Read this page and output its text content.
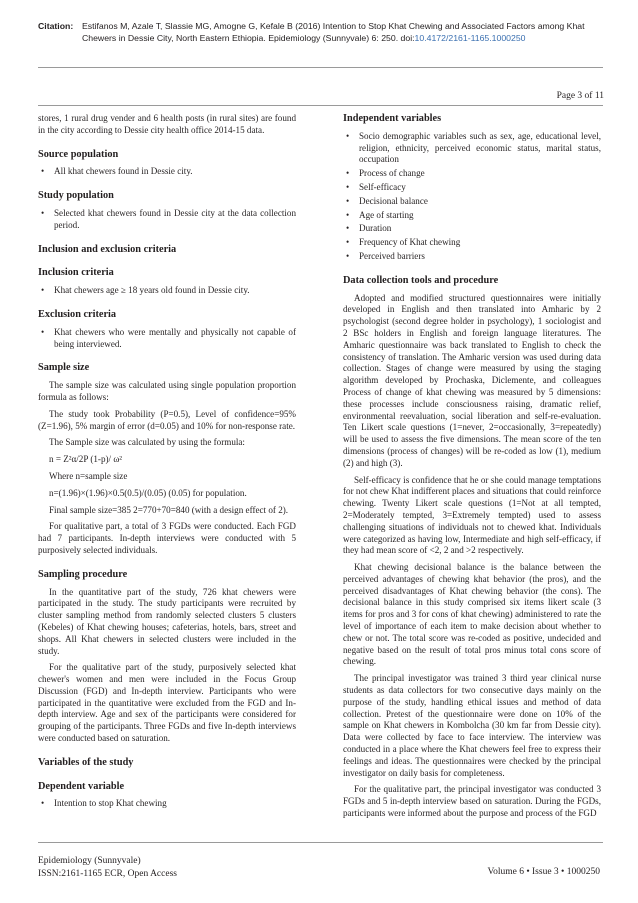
Citation: Estifanos M, Azale T, Slassie MG, Amogne G, Kefale B (2016) Intention to Stop Khat Chewing and Associated Factors among Khat Chewers in Dessie City, North Eastern Ethiopia. Epidemiology (Sunnyvale) 6: 250. doi:10.4172/2161-1165.1000250
Page 3 of 11

stores, 1 rural drug vender and 6 health posts (in rural sites) are found in the city according to Dessie city health office 2014-15 data.

Source population
• All khat chewers found in Dessie city.
Study population
• Selected khat chewers found in Dessie city at the data collection period.
Inclusion and exclusion criteria
Inclusion criteria
• Khat chewers age ≥ 18 years old found in Dessie city.
Exclusion criteria
• Khat chewers who were mentally and physically not capable of being interviewed.
Sample size

The sample size was calculated using single population proportion formula as follows:

The study took Probability (P=0.5), Level of confidence=95% (Z=1.96), 5% margin of error (d=0.05) and 10% for non-response rate.

The Sample size was calculated by using the formula:

n = Z²α/2P (1-p)/ ω²

Where n=sample size

n=(1.96)×(1.96)×0.5(0.5)/(0.05) (0.05) for population.

Final sample size=385 2=770+70=840 (with a design effect of 2).

For qualitative part, a total of 3 FGDs were conducted. Each FGD had 7 participants. In-depth interviews were conducted with 5 purposively selected individuals.

Sampling procedure

In the quantitative part of the study, 726 khat chewers were participated in the study. The study participants were recruited by cluster sampling method from randomly selected clusters 5 clusters (Kebeles) of Khat chewing houses; cafeterias, hotels, bars, street and shops. All Khat chewers in selected clusters were included in the study.

For the qualitative part of the study, purposively selected khat chewer's women and men were included in the Focus Group Discussion (FGD) and In-depth interview. Participants who were participated in the quantitative were excluded from the FGD and In-depth interview. Age and sex of the participants were considered for grouping of the participants. Three FGDs and five In-depth interviews were conducted based on saturation.

Variables of the study
Dependent variable
• Intention to stop Khat chewing
Independent variables
• Socio demographic variables such as sex, age, educational level, religion, ethnicity, perceived economic status, marital status, occupation
• Process of change
• Self-efficacy
• Decisional balance
• Age of starting
• Duration
• Frequency of Khat chewing
• Perceived barriers
Data collection tools and procedure

Adopted and modified structured questionnaires were initially developed in English and then translated into Amharic by 2 psychologist (second degree holder in psychology), 1 sociologist and 2 BSc holders in English and foreign language literatures. The Amharic questionnaire was back translated to English to check the consistency of translation. The Amharic version was used during data collection. Stages of change were measured by using the staging algorithm developed by Prochaska, Diclemente, and colleagues Process of change of khat chewing was measured by 5 dimensions: these processes include consciousness raising, dramatic relief, environmental reevaluation, social liberation and self-re-evaluation. Ten Likert scale questions (1=never, 2=occasionally, 3=repeatedly) will be used to assess the five dimensions. The mean score of the ten dimensions (process of changes) will be re-coded as low (1), medium (2) and high (3).

Self-efficacy is confidence that he or she could manage temptations for not chew Khat indifferent places and situations that could reinforce chewing. Twenty Likert scale questions (1=Not at all tempted, 2=Moderately tempted, 3=Extremely tempted) used to assess challenging situations of individuals not to chewed khat. Individuals were categorized as having low, Intermediate and high self-efficacy, if they had mean score of <2, 2 and >2 respectively.

Khat chewing decisional balance is the balance between the perceived advantages of chewing khat behavior (the pros), and the perceived disadvantages of Khat chewing behavior (the cons). The decisional balance in this study comprised six items likert scale (3 items for pros and 3 for cons of khat chewing) administered to rate the level of importance of each item to make decision about whether to chew or not. The total score was re-coded as positive, undecided and negative based on the result of total pros minus total cons score of chewing.

The principal investigator was trained 3 third year clinical nurse students as data collectors for two consecutive days mainly on the purpose of the study, handling ethical issues and method of data collection. Pretest of the questionnaire were done on 10% of the sample on Khat chewers in Kombolcha (30 km far from Dessie city). Data were collected by face to face interview. The interview was conducted in a place where the Khat chewers feel free to express their feelings and ideas. The questionnaires were checked by the principal investigator on daily basis for completeness.

For the qualitative part, the principal investigator was conducted 3 FGDs and 5 in-depth interview based on saturation. During the FGDs, participants were informed about the purpose and process of the FGD

Epidemiology (Sunnyvale)
ISSN:2161-1165 ECR, Open Access	Volume 6 • Issue 3 • 1000250
